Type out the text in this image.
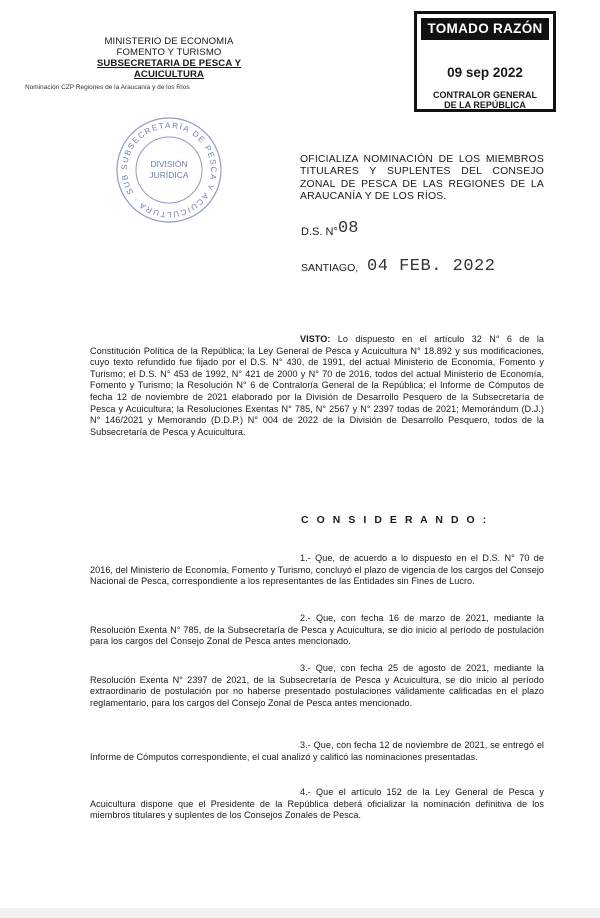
MINISTERIO DE ECONOMIA
FOMENTO Y TURISMO
SUBSECRETARIA DE PESCA Y
ACUICULTURA
Nominación CZP Regiones de la Araucanía y de los Ríos
TOMADO RAZÓN
09 sep 2022
CONTRALOR GENERAL
DE LA REPÚBLICA
SUBSECRETARÍA DE PESCA Y ACUICULTURA · SUB
DIVISIÓN
JURÍDICA
OFICIALIZA NOMINACIÓN DE LOS MIEMBROS TITULARES Y SUPLENTES DEL CONSEJO ZONAL DE PESCA DE LAS REGIONES DE LA ARAUCANÍA Y DE LOS RÍOS.
D.S. N° 08
SANTIAGO, 04 FEB. 2022
VISTO: Lo dispuesto en el artículo 32 N° 6 de la Constitución Política de la República; la Ley General de Pesca y Acuicultura N° 18.892 y sus modificaciones, cuyo texto refundido fue fijado por el D.S. N° 430, de 1991, del actual Ministerio de Economía, Fomento y Turismo; el D.S. N° 453 de 1992, N° 421 de 2000 y N° 70 de 2016, todos del actual Ministerio de Economía, Fomento y Turismo; la Resolución N° 6 de Contraloría General de la República; el Informe de Cómputos de fecha 12 de noviembre de 2021 elaborado por la División de Desarrollo Pesquero de la Subsecretaría de Pesca y Acuicultura; la Resoluciones Exentas N° 785, N° 2567 y N° 2397 todas de 2021; Memorándum (D.J.) N° 146/2021 y Memorando (D.D.P.) N° 004 de 2022 de la División de Desarrollo Pesquero, todos de la Subsecretaría de Pesca y Acuicultura.
C O N S I D E R A N D O :
1.- Que, de acuerdo a lo dispuesto en el D.S. N° 70 de 2016, del Ministerio de Economía, Fomento y Turismo, concluyó el plazo de vigencia de los cargos del Consejo Nacional de Pesca, correspondiente a los representantes de las Entidades sin Fines de Lucro.
2.- Que, con fecha 16 de marzo de 2021, mediante la Resolución Exenta N° 785, de la Subsecretaría de Pesca y Acuicultura, se dio inicio al período de postulación para los cargos del Consejo Zonal de Pesca antes mencionado.
3.- Que, con fecha 25 de agosto de 2021, mediante la Resolución Exenta N° 2397 de 2021, de la Subsecretaría de Pesca y Acuicultura, se dio inicio al período extraordinario de postulación por no haberse presentado postulaciones válidamente calificadas en el plazo reglamentario, para los cargos del Consejo Zonal de Pesca antes mencionado.
3.- Que, con fecha 12 de noviembre de 2021, se entregó el Informe de Cómputos correspondiente, el cual analizó y calificó las nominaciones presentadas.
4.- Que el artículo 152 de la Ley General de Pesca y Acuicultura dispone que el Presidente de la República deberá oficializar la nominación definitiva de los miembros titulares y suplentes de los Consejos Zonales de Pesca.
